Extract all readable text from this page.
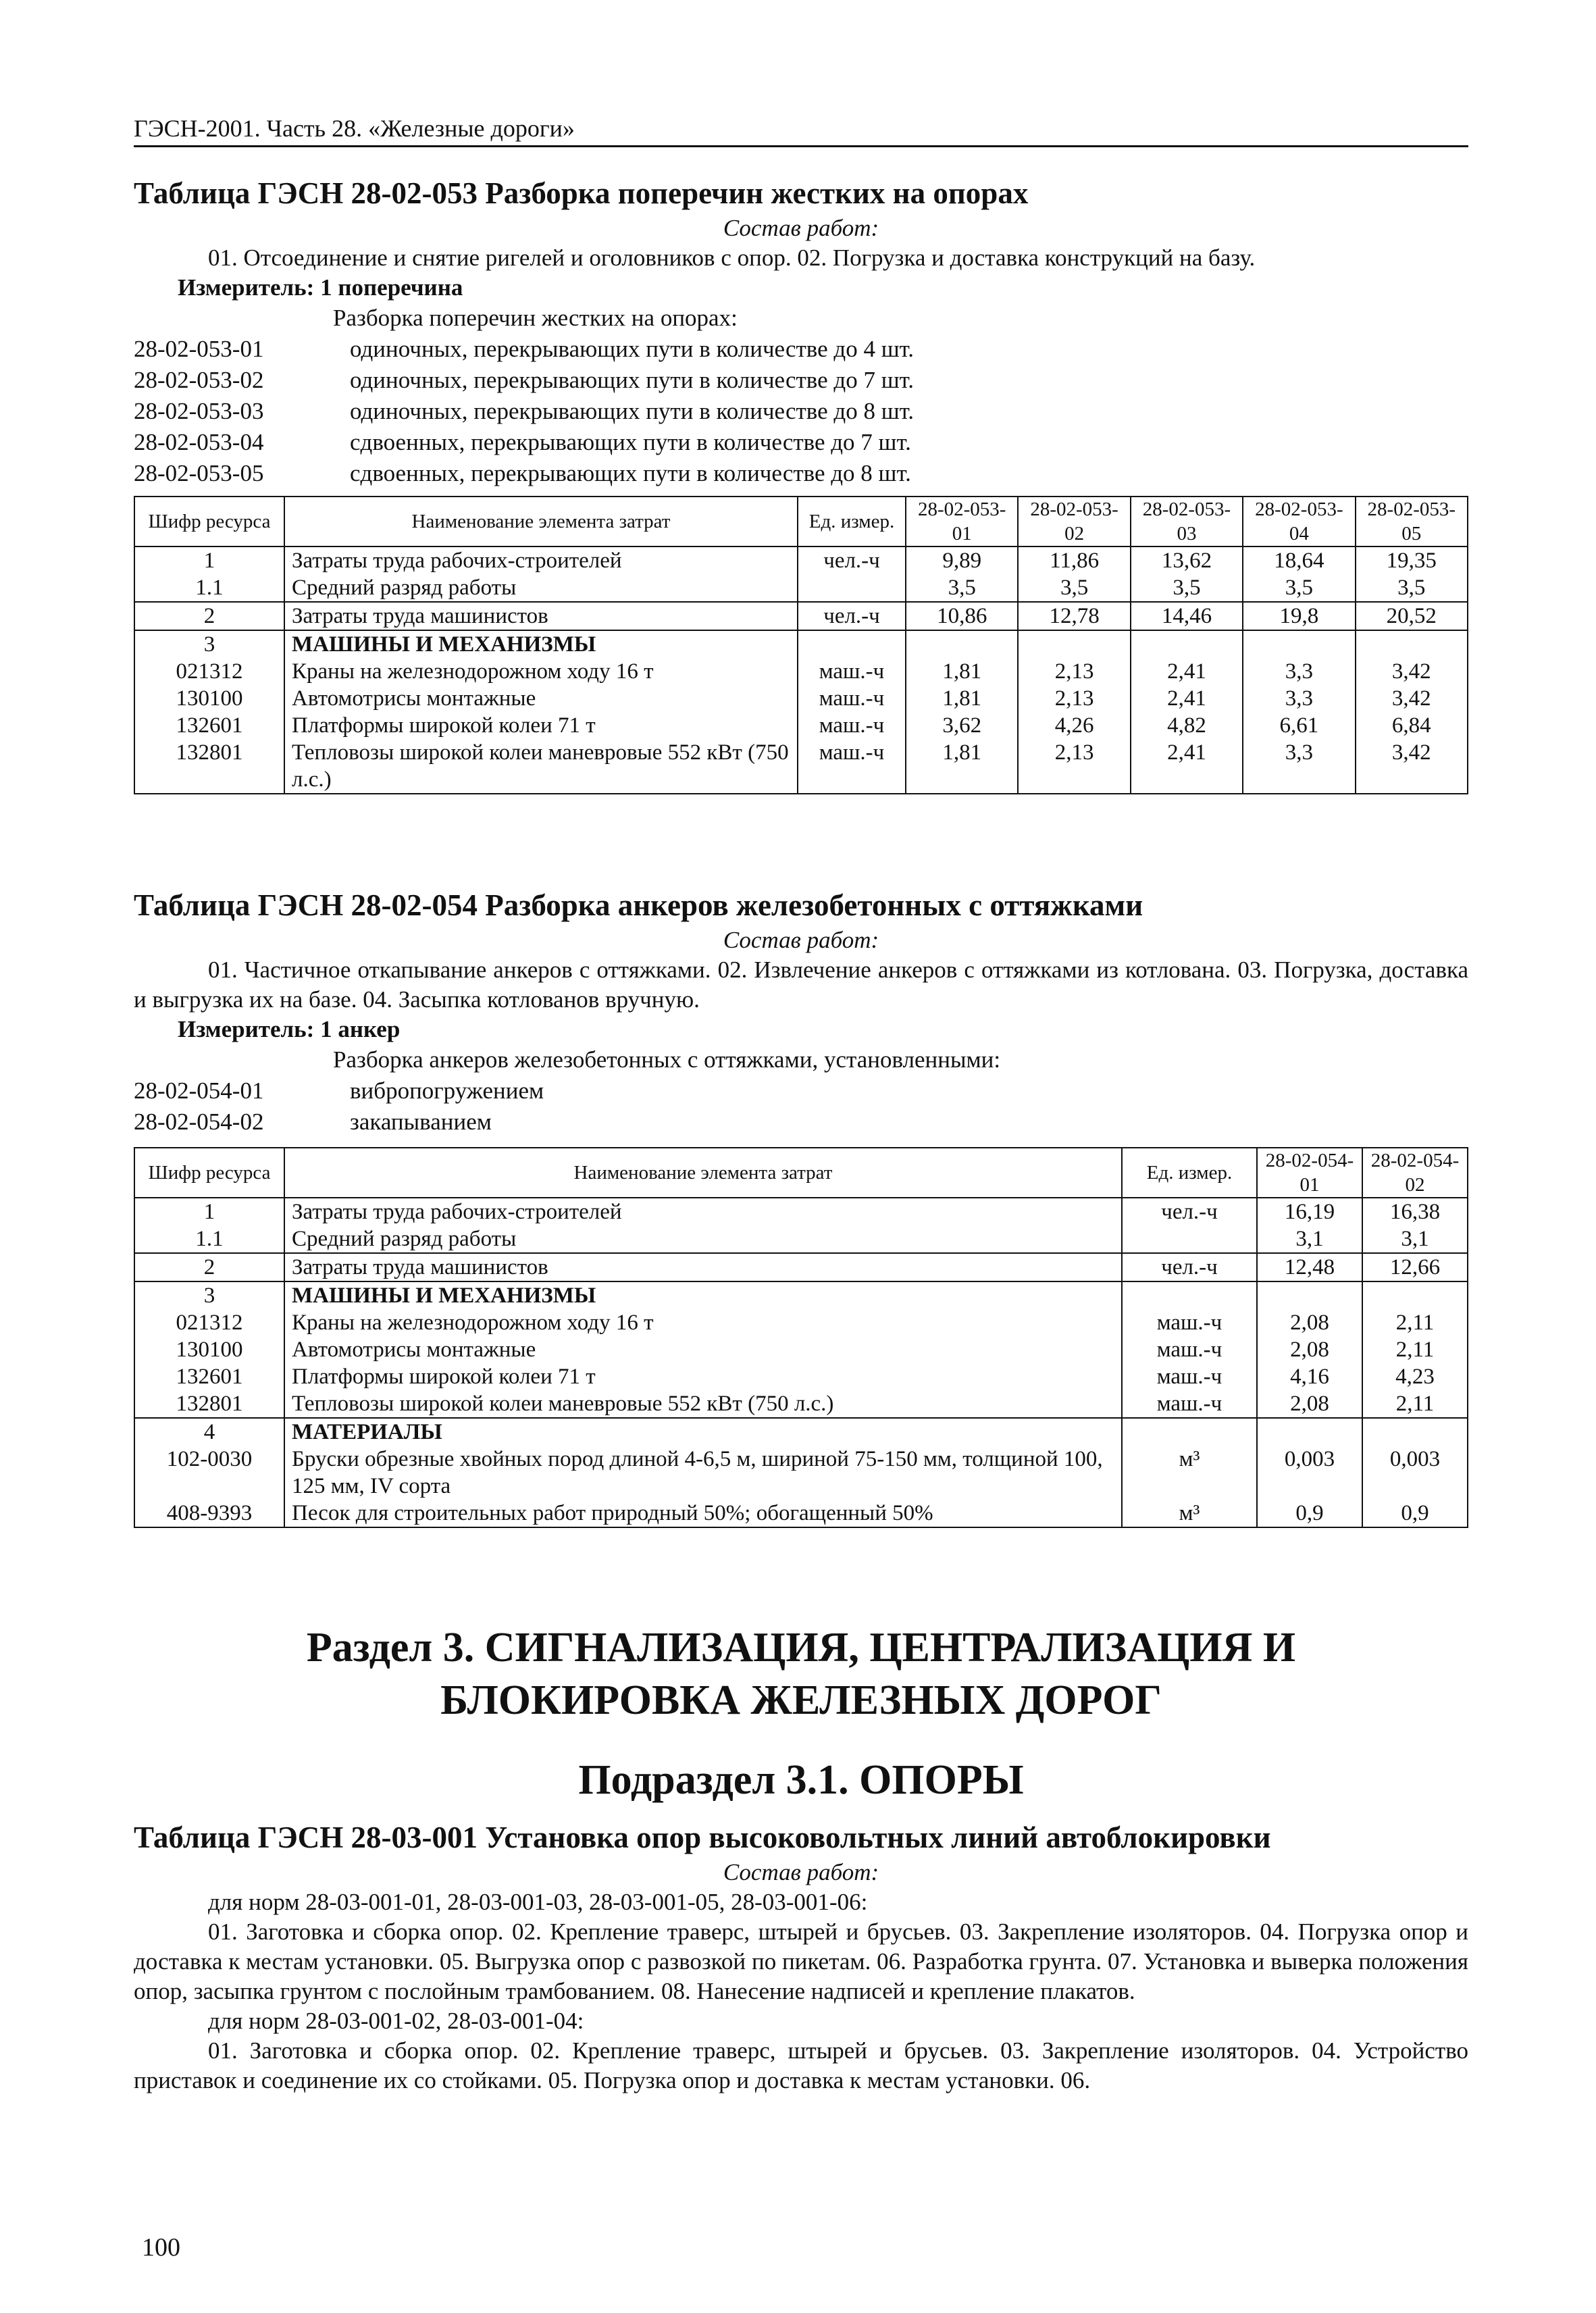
ГЭСН-2001. Часть 28. «Железные дороги»
Таблица ГЭСН 28-02-053 Разборка поперечин жестких на опорах
Состав работ:
01. Отсоединение и снятие ригелей и оголовников с опор. 02. Погрузка и доставка конструкций на базу.
Измеритель: 1 поперечина
Разборка поперечин жестких на опорах:
28-02-053-01	одиночных, перекрывающих пути в количестве до 4 шт.
28-02-053-02	одиночных, перекрывающих пути в количестве до 7 шт.
28-02-053-03	одиночных, перекрывающих пути в количестве до 8 шт.
28-02-053-04	сдвоенных, перекрывающих пути в количестве до 7 шт.
28-02-053-05	сдвоенных, перекрывающих пути в количестве до 8 шт.
Шифр ресурса	Наименование элемента затрат	Ед. измер.	28-02-053-01	28-02-053-02	28-02-053-03	28-02-053-04	28-02-053-05
1	Затраты труда рабочих-строителей	чел.-ч	9,89	11,86	13,62	18,64	19,35
1.1	Средний разряд работы		3,5	3,5	3,5	3,5	3,5
2	Затраты труда машинистов	чел.-ч	10,86	12,78	14,46	19,8	20,52
3	МАШИНЫ И МЕХАНИЗМЫ						
021312	Краны на железнодорожном ходу 16 т	маш.-ч	1,81	2,13	2,41	3,3	3,42
130100	Автомотрисы монтажные	маш.-ч	1,81	2,13	2,41	3,3	3,42
132601	Платформы широкой колеи 71 т	маш.-ч	3,62	4,26	4,82	6,61	6,84
132801	Тепловозы широкой колеи маневровые 552 кВт (750 л.с.)	маш.-ч	1,81	2,13	2,41	3,3	3,42
Таблица ГЭСН 28-02-054 Разборка анкеров железобетонных с оттяжками
Состав работ:
01. Частичное откапывание анкеров с оттяжками. 02. Извлечение анкеров с оттяжками из котлована. 03. Погрузка, доставка и выгрузка их на базе. 04. Засыпка котлованов вручную.
Измеритель: 1 анкер
Разборка анкеров железобетонных с оттяжками, установленными:
28-02-054-01	вибропогружением
28-02-054-02	закапыванием
Шифр ресурса	Наименование элемента затрат	Ед. измер.	28-02-054-01	28-02-054-02
1	Затраты труда рабочих-строителей	чел.-ч	16,19	16,38
1.1	Средний разряд работы		3,1	3,1
2	Затраты труда машинистов	чел.-ч	12,48	12,66
3	МАШИНЫ И МЕХАНИЗМЫ			
021312	Краны на железнодорожном ходу 16 т	маш.-ч	2,08	2,11
130100	Автомотрисы монтажные	маш.-ч	2,08	2,11
132601	Платформы широкой колеи 71 т	маш.-ч	4,16	4,23
132801	Тепловозы широкой колеи маневровые 552 кВт (750 л.с.)	маш.-ч	2,08	2,11
4	МАТЕРИАЛЫ			
102-0030	Бруски обрезные хвойных пород длиной 4-6,5 м, шириной 75-150 мм, толщиной 100, 125 мм, IV сорта	м³	0,003	0,003
408-9393	Песок для строительных работ природный 50%; обогащенный 50%	м³	0,9	0,9
Раздел 3. СИГНАЛИЗАЦИЯ, ЦЕНТРАЛИЗАЦИЯ И БЛОКИРОВКА ЖЕЛЕЗНЫХ ДОРОГ
Подраздел 3.1. ОПОРЫ
Таблица ГЭСН 28-03-001 Установка опор высоковольтных линий автоблокировки
Состав работ:
для норм 28-03-001-01, 28-03-001-03, 28-03-001-05, 28-03-001-06:
01. Заготовка и сборка опор. 02. Крепление траверс, штырей и брусьев. 03. Закрепление изоляторов. 04. Погрузка опор и доставка к местам установки. 05. Выгрузка опор с развозкой по пикетам. 06. Разработка грунта. 07. Установка и выверка положения опор, засыпка грунтом с послойным трамбованием. 08. Нанесение надписей и крепление плакатов.
для норм 28-03-001-02, 28-03-001-04:
01. Заготовка и сборка опор. 02. Крепление траверс, штырей и брусьев. 03. Закрепление изоляторов. 04. Устройство приставок и соединение их со стойками. 05. Погрузка опор и доставка к местам установки. 06.
100
